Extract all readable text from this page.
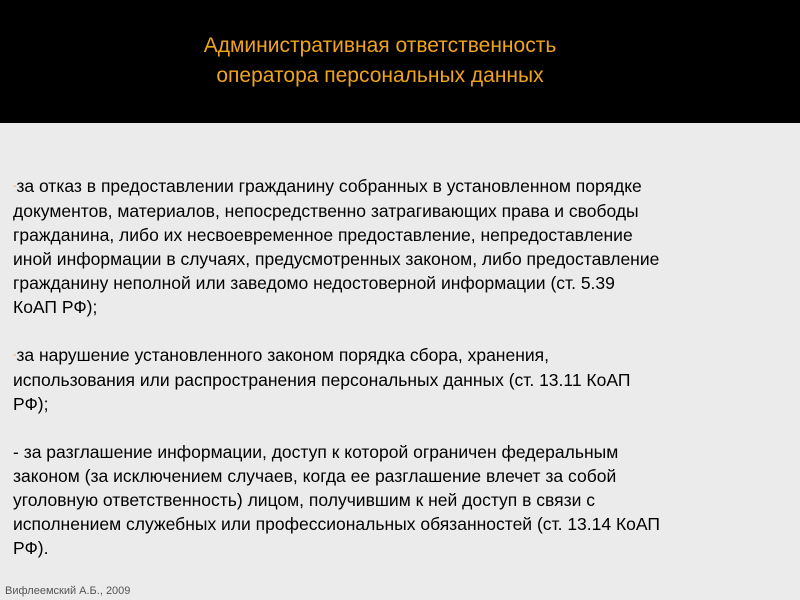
Административная ответственность
оператора персональных данных
-за отказ в предоставлении гражданину собранных в установленном порядке
документов, материалов, непосредственно затрагивающих права и свободы
гражданина, либо их несвоевременное предоставление, непредоставление
иной информации в случаях, предусмотренных законом, либо предоставление
гражданину неполной или заведомо недостоверной информации (ст. 5.39
КоАП РФ);
-за нарушение установленного законом порядка сбора, хранения,
использования или распространения персональных данных (ст. 13.11 КоАП
РФ);
- за разглашение информации, доступ к которой ограничен федеральным
законом (за исключением случаев, когда ее разглашение влечет за собой
уголовную ответственность) лицом, получившим к ней доступ в связи с
исполнением служебных или профессиональных обязанностей (ст. 13.14 КоАП
РФ).
Вифлеемский А.Б., 2009
